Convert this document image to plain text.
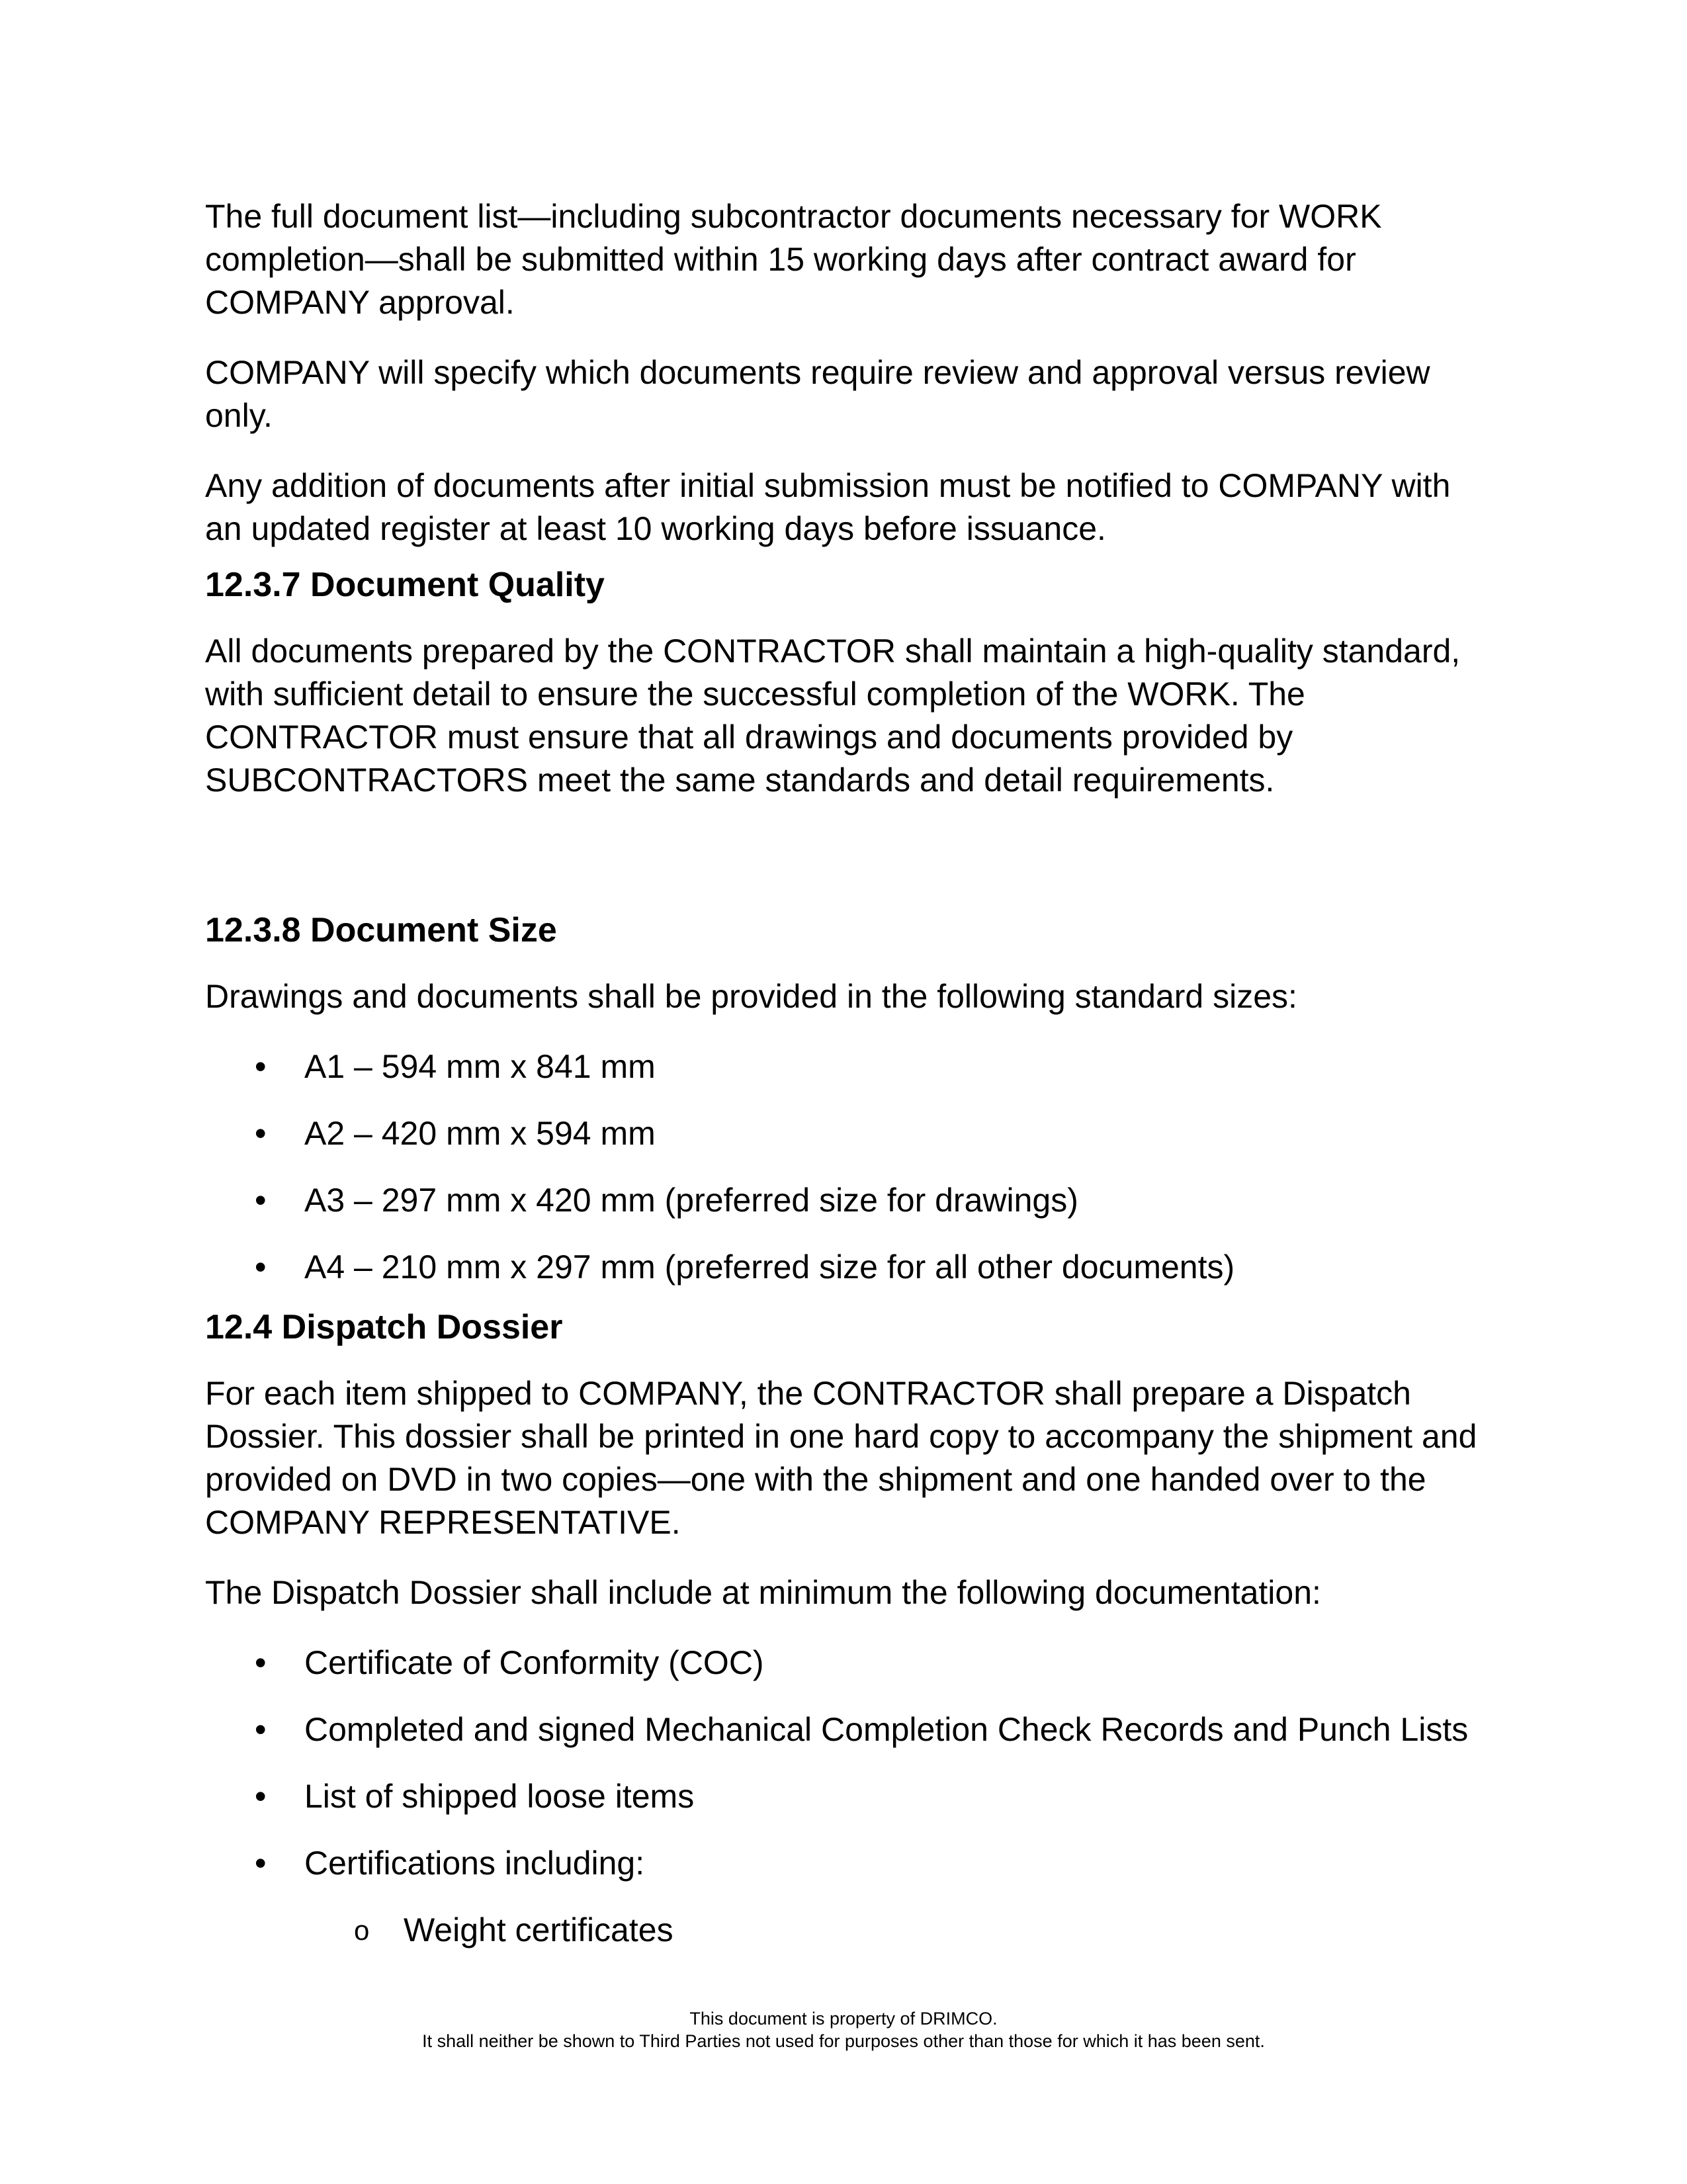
The full document list—including subcontractor documents necessary for WORK completion—shall be submitted within 15 working days after contract award for COMPANY approval.

COMPANY will specify which documents require review and approval versus review only.

Any addition of documents after initial submission must be notified to COMPANY with an updated register at least 10 working days before issuance.

12.3.7 Document Quality

All documents prepared by the CONTRACTOR shall maintain a high-quality standard, with sufficient detail to ensure the successful completion of the WORK. The CONTRACTOR must ensure that all drawings and documents provided by SUBCONTRACTORS meet the same standards and detail requirements.

12.3.8 Document Size

Drawings and documents shall be provided in the following standard sizes:

•	A1 – 594 mm x 841 mm
•	A2 – 420 mm x 594 mm
•	A3 – 297 mm x 420 mm (preferred size for drawings)
•	A4 – 210 mm x 297 mm (preferred size for all other documents)
12.4 Dispatch Dossier

For each item shipped to COMPANY, the CONTRACTOR shall prepare a Dispatch Dossier. This dossier shall be printed in one hard copy to accompany the shipment and provided on DVD in two copies—one with the shipment and one handed over to the COMPANY REPRESENTATIVE.

The Dispatch Dossier shall include at minimum the following documentation:

•	Certificate of Conformity (COC)
•	Completed and signed Mechanical Completion Check Records and Punch Lists
•	List of shipped loose items
•	Certifications including:
o	Weight certificates
This document is property of DRIMCO.
It shall neither be shown to Third Parties not used for purposes other than those for which it has been sent.
